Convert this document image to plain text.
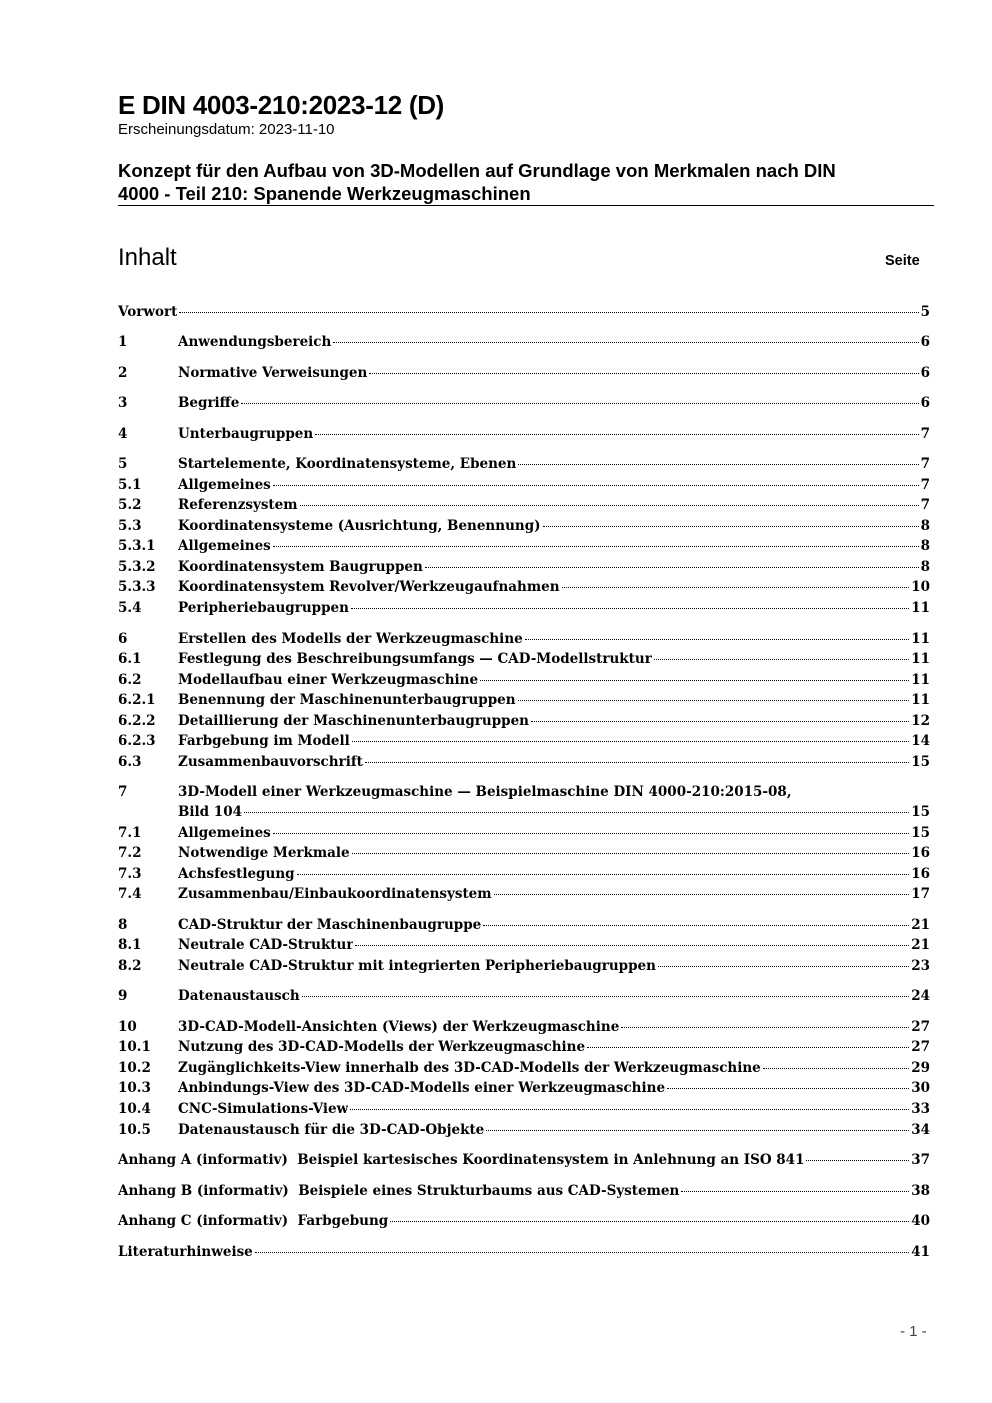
E DIN 4003-210:2023-12 (D)
Erscheinungsdatum: 2023-11-10
Konzept für den Aufbau von 3D-Modellen auf Grundlage von Merkmalen nach DIN
4000 - Teil 210: Spanende Werkzeugmaschinen
Inhalt	Seite
Vorwort	5
1	Anwendungsbereich	6
2	Normative Verweisungen	6
3	Begriffe	6
4	Unterbaugruppen	7
5	Startelemente, Koordinatensysteme, Ebenen	7
5.1	Allgemeines	7
5.2	Referenzsystem	7
5.3	Koordinatensysteme (Ausrichtung, Benennung)	8
5.3.1 Allgemeines	8
5.3.2 Koordinatensystem Baugruppen	8
5.3.3 Koordinatensystem Revolver/Werkzeugaufnahmen	10
5.4	Peripheriebaugruppen	11
6	Erstellen des Modells der Werkzeugmaschine	11
6.1	Festlegung des Beschreibungsumfangs — CAD-Modellstruktur	11
6.2	Modellaufbau einer Werkzeugmaschine	11
6.2.1 Benennung der Maschinenunterbaugruppen	11
6.2.2 Detaillierung der Maschinenunterbaugruppen	12
6.2.3 Farbgebung im Modell	14
6.3	Zusammenbauvorschrift	15
7	3D-Modell einer Werkzeugmaschine — Beispielmaschine DIN 4000-210:2015-08,
Bild 104	15
7.1	Allgemeines	15
7.2	Notwendige Merkmale	16
7.3	Achsfestlegung	16
7.4	Zusammenbau/Einbaukoordinatensystem	17
8	CAD-Struktur der Maschinenbaugruppe	21
8.1	Neutrale CAD-Struktur	21
8.2	Neutrale CAD-Struktur mit integrierten Peripheriebaugruppen	23
9	Datenaustausch	24
10	3D-CAD-Modell-Ansichten (Views) der Werkzeugmaschine	27
10.1 Nutzung des 3D-CAD-Modells der Werkzeugmaschine	27
10.2 Zugänglichkeits-View innerhalb des 3D-CAD-Modells der Werkzeugmaschine	29
10.3 Anbindungs-View des 3D-CAD-Modells einer Werkzeugmaschine	30
10.4 CNC-Simulations-View	33
10.5 Datenaustausch für die 3D-CAD-Objekte	34
Anhang A (informativ)  Beispiel kartesisches Koordinatensystem in Anlehnung an ISO 841	37
Anhang B (informativ)  Beispiele eines Strukturbaums aus CAD-Systemen	38
Anhang C (informativ)  Farbgebung	40
Literaturhinweise	41
- 1 -
